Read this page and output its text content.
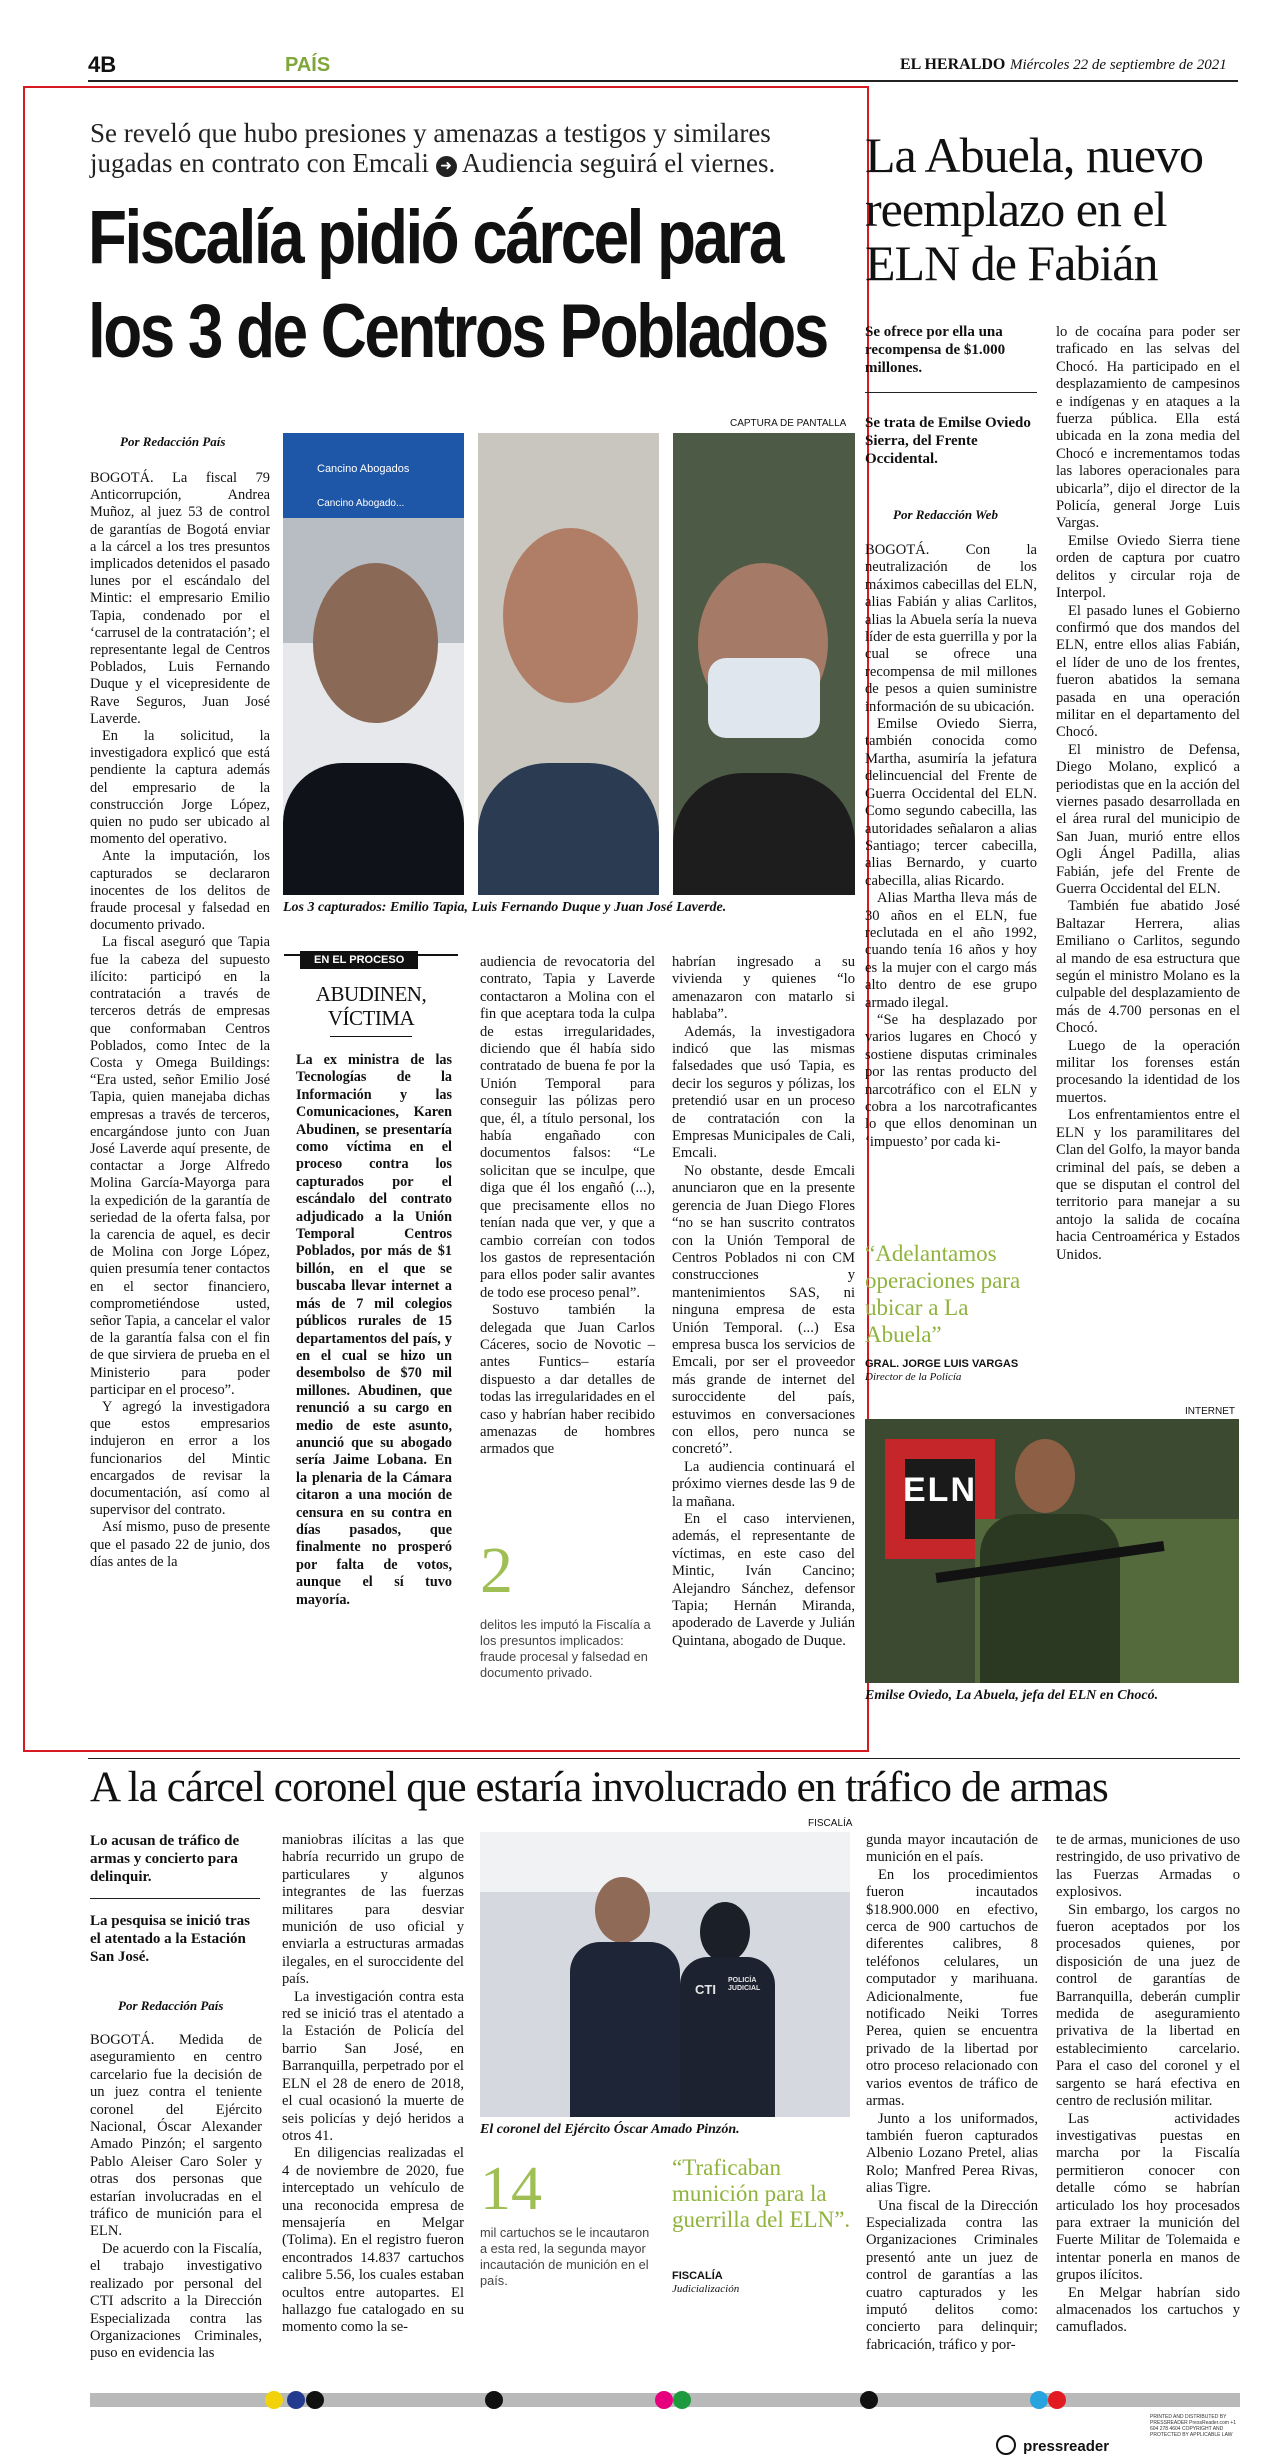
4B	PAÍS	EL HERALDO Miércoles 22 de septiembre de 2021
Se reveló que hubo presiones y amenazas a testigos y similares jugadas en contrato con Emcali ➜ Audiencia seguirá el viernes.
Fiscalía pidió cárcel para
los 3 de Centros Poblados
Por Redacción País
CAPTURA DE PANTALLA
Cancino Abogados
Cancino Abogado...
Los 3 capturados: Emilio Tapia, Luis Fernando Duque y Juan José Laverde.

BOGOTÁ. La fiscal 79 Anticorrupción, Andrea Muñoz, al juez 53 de control de garantías de Bogotá enviar a la cárcel a los tres presuntos implicados detenidos el pasado lunes por el escándalo del Mintic: el empresario Emilio Tapia, condenado por el ‘carrusel de la contratación’; el representante legal de Centros Poblados, Luis Fernando Duque y el vicepresidente de Rave Seguros, Juan José Laverde.

En la solicitud, la investigadora explicó que está pendiente la captura además del empresario de la construcción Jorge López, quien no pudo ser ubicado al momento del operativo.

Ante la imputación, los capturados se declararon inocentes de los delitos de fraude procesal y falsedad en documento privado.

La fiscal aseguró que Tapia fue la cabeza del supuesto ilícito: participó en la contratación a través de terceros detrás de empresas que conformaban Centros Poblados, como Intec de la Costa y Omega Buildings: “Era usted, señor Emilio José Tapia, quien manejaba dichas empresas a través de terceros, encargándose junto con Juan José Laverde aquí presente, de contactar a Jorge Alfredo Molina García-Mayorga para la expedición de la garantía de seriedad de la oferta falsa, por la carencia de aquel, es decir de Molina con Jorge López, quien presumía tener contactos en el sector financiero, comprometiéndose usted, señor Tapia, a cancelar el valor de la garantía falsa con el fin de que sirviera de prueba en el Ministerio para poder participar en el proceso”.

Y agregó la investigadora que estos empresarios indujeron en error a los funcionarios del Mintic encargados de revisar la documentación, así como al supervisor del contrato.

Así mismo, puso de presente que el pasado 22 de junio, dos días antes de la

EN EL PROCESO
ABUDINEN,
VÍCTIMA
La ex ministra de las Tecnologías de la Información y las Comunicaciones, Karen Abudinen, se presentaría como víctima en el proceso contra los capturados por el escándalo del contrato adjudicado a la Unión Temporal Centros Poblados, por más de $1 billón, en el que se buscaba llevar internet a más de 7 mil colegios públicos rurales de 15 departamentos del país, y en el cual se hizo un desembolso de $70 mil millones. Abudinen, que renunció a su cargo en medio de este asunto, anunció que su abogado sería Jaime Lobana. En la plenaria de la Cámara citaron a una moción de censura en su contra en días pasados, que finalmente no prosperó por falta de votos, aunque el sí tuvo mayoría.

audiencia de revocatoria del contrato, Tapia y Laverde contactaron a Molina con el fin que aceptara toda la culpa de estas irregularidades, diciendo que él había sido contratado de buena fe por la Unión Temporal para conseguir las pólizas pero que, él, a título personal, los había engañado con documentos falsos: “Le solicitan que se inculpe, que diga que él los engañó (...), que precisamente ellos no tenían nada que ver, y que a cambio correían con todos los gastos de representación para ellos poder salir avantes de todo ese proceso penal”.

Sostuvo también la delegada que Juan Carlos Cáceres, socio de Novotic –antes Funtics– estaría dispuesto a dar detalles de todas las irregularidades en el caso y habrían haber recibido amenazas de hombres armados que

2
delitos les imputó la Fiscalía a los presuntos implicados: fraude procesal y falsedad en documento privado.

habrían ingresado a su vivienda y quienes “lo amenazaron con matarlo si hablaba”.

Además, la investigadora indicó que las mismas falsedades que usó Tapia, es decir los seguros y pólizas, los pretendió usar en un proceso de contratación con la Empresas Municipales de Cali, Emcali.

No obstante, desde Emcali anunciaron que en la presente gerencia de Juan Diego Flores “no se han suscrito contratos con la Unión Temporal de Centros Poblados ni con CM construcciones y mantenimientos SAS, ni ninguna empresa de esta Unión Temporal. (...) Esa empresa busca los servicios de Emcali, por ser el proveedor más grande de internet del suroccidente del país, estuvimos en conversaciones con ellos, pero nunca se concretó”.

La audiencia continuará el próximo viernes desde las 9 de la mañana.

En el caso intervienen, además, el representante de víctimas, en este caso del Mintic, Iván Cancino; Alejandro Sánchez, defensor Tapia; Hernán Miranda, apoderado de Laverde y Julián Quintana, abogado de Duque.

La Abuela, nuevo
reemplazo en el
ELN de Fabián
Se ofrece por ella una recompensa de $1.000 millones.
Se trata de Emilse Oviedo Sierra, del Frente Occidental.
Por Redacción Web

BOGOTÁ. Con la neutralización de los máximos cabecillas del ELN, alias Fabián y alias Carlitos, alias la Abuela sería la nueva líder de esta guerrilla y por la cual se ofrece una recompensa de mil millones de pesos a quien suministre información de su ubicación.

Emilse Oviedo Sierra, también conocida como Martha, asumiría la jefatura delincuencial del Frente de Guerra Occidental del ELN. Como segundo cabecilla, las autoridades señalaron a alias Santiago; tercer cabecilla, alias Bernardo, y cuarto cabecilla, alias Ricardo.

Alias Martha lleva más de 30 años en el ELN, fue reclutada en el año 1992, cuando tenía 16 años y hoy es la mujer con el cargo más alto dentro de ese grupo armado ilegal.

“Se ha desplazado por varios lugares en Chocó y sostiene disputas criminales por las rentas producto del narcotráfico con el ELN y cobra a los narcotraficantes lo que ellos denominan un ‘impuesto’ por cada ki-

“Adelantamos operaciones para ubicar a La Abuela”
GRAL. JORGE LUIS VARGAS
Director de la Policía

lo de cocaína para poder ser traficado en las selvas del Chocó. Ha participado en el desplazamiento de campesinos e indígenas y en ataques a la fuerza pública. Ella está ubicada en la zona media del Chocó e incrementamos todas las labores operacionales para ubicarla”, dijo el director de la Policía, general Jorge Luis Vargas.

Emilse Oviedo Sierra tiene orden de captura por cuatro delitos y circular roja de Interpol.

El pasado lunes el Gobierno confirmó que dos mandos del ELN, entre ellos alias Fabián, el líder de uno de los frentes, fueron abatidos la semana pasada en una operación militar en el departamento del Chocó.

El ministro de Defensa, Diego Molano, explicó a periodistas que en la acción del viernes pasado desarrollada en el área rural del municipio de San Juan, murió entre ellos Ogli Ángel Padilla, alias Fabián, jefe del Frente de Guerra Occidental del ELN.

También fue abatido José Baltazar Herrera, alias Emiliano o Carlitos, segundo al mando de esa estructura que según el ministro Molano es la culpable del desplazamiento de más de 4.700 personas en el Chocó.

Luego de la operación militar los forenses están procesando la identidad de los muertos.

Los enfrentamientos entre el ELN y los paramilitares del Clan del Golfo, la mayor banda criminal del país, se deben a que se disputan el control del territorio para manejar a su antojo la salida de cocaína hacia Centroamérica y Estados Unidos.

INTERNET
ELN
Emilse Oviedo, La Abuela, jefa del ELN en Chocó.
A la cárcel coronel que estaría involucrado en tráfico de armas
Lo acusan de tráfico de armas y concierto para delinquir.
La pesquisa se inició tras el atentado a la Estación San José.
Por Redacción País

BOGOTÁ. Medida de aseguramiento en centro carcelario fue la decisión de un juez contra el teniente coronel del Ejército Nacional, Óscar Alexander Amado Pinzón; el sargento Pablo Aleiser Caro Soler y otras dos personas que estarían involucradas en el tráfico de munición para el ELN.

De acuerdo con la Fiscalía, el trabajo investigativo realizado por personal del CTI adscrito a la Dirección Especializada contra las Organizaciones Criminales, puso en evidencia las

maniobras ilícitas a las que habría recurrido un grupo de particulares y algunos integrantes de las fuerzas militares para desviar munición de uso oficial y enviarla a estructuras armadas ilegales, en el suroccidente del país.

La investigación contra esta red se inició tras el atentado a la Estación de Policía del barrio San José, en Barranquilla, perpetrado por el ELN el 28 de enero de 2018, el cual ocasionó la muerte de seis policías y dejó heridos a otros 41.

En diligencias realizadas el 4 de noviembre de 2020, fue interceptado un vehículo de una reconocida empresa de mensajería en Melgar (Tolima). En el registro fueron encontrados 14.837 cartuchos calibre 5.56, los cuales estaban ocultos entre autopartes. El hallazgo fue catalogado en su momento como la se-

FISCALÍA
CTI
POLICÍA JUDICIAL
El coronel del Ejército Óscar Amado Pinzón.
14
mil cartuchos se le incautaron a esta red, la segunda mayor incautación de munición en el país.
“Traficaban munición para la guerrilla del ELN”.
FISCALÍA
Judicialización

gunda mayor incautación de munición en el país.

En los procedimientos fueron incautados $18.900.000 en efectivo, cerca de 900 cartuchos de diferentes calibres, 8 teléfonos celulares, un computador y marihuana. Adicionalmente, fue notificado Neiki Torres Perea, quien se encuentra privado de la libertad por otro proceso relacionado con varios eventos de tráfico de armas.

Junto a los uniformados, también fueron capturados Albenio Lozano Pretel, alias Rolo; Manfred Perea Rivas, alias Tigre.

Una fiscal de la Dirección Especializada contra las Organizaciones Criminales presentó ante un juez de control de garantías a las cuatro capturados y les imputó delitos como: concierto para delinquir; fabricación, tráfico y por-

te de armas, municiones de uso restringido, de uso privativo de las Fuerzas Armadas o explosivos.

Sin embargo, los cargos no fueron aceptados por los procesados quienes, por disposición de una juez de control de garantías de Barranquilla, deberán cumplir medida de aseguramiento privativa de la libertad en establecimiento carcelario. Para el caso del coronel y el sargento se hará efectiva en centro de reclusión militar.

Las actividades investigativas puestas en marcha por la Fiscalía permitieron conocer con detalle cómo se habrían articulado los hoy procesados para extraer la munición del Fuerte Militar de Tolemaida e intentar ponerla en manos de grupos ilícitos.

En Melgar habrían sido almacenados los cartuchos y camuflados.

PRINTED AND DISTRIBUTED BY PRESSREADER PressReader.com +1 604 278 4604 COPYRIGHT AND PROTECTED BY APPLICABLE LAW
pressreader
